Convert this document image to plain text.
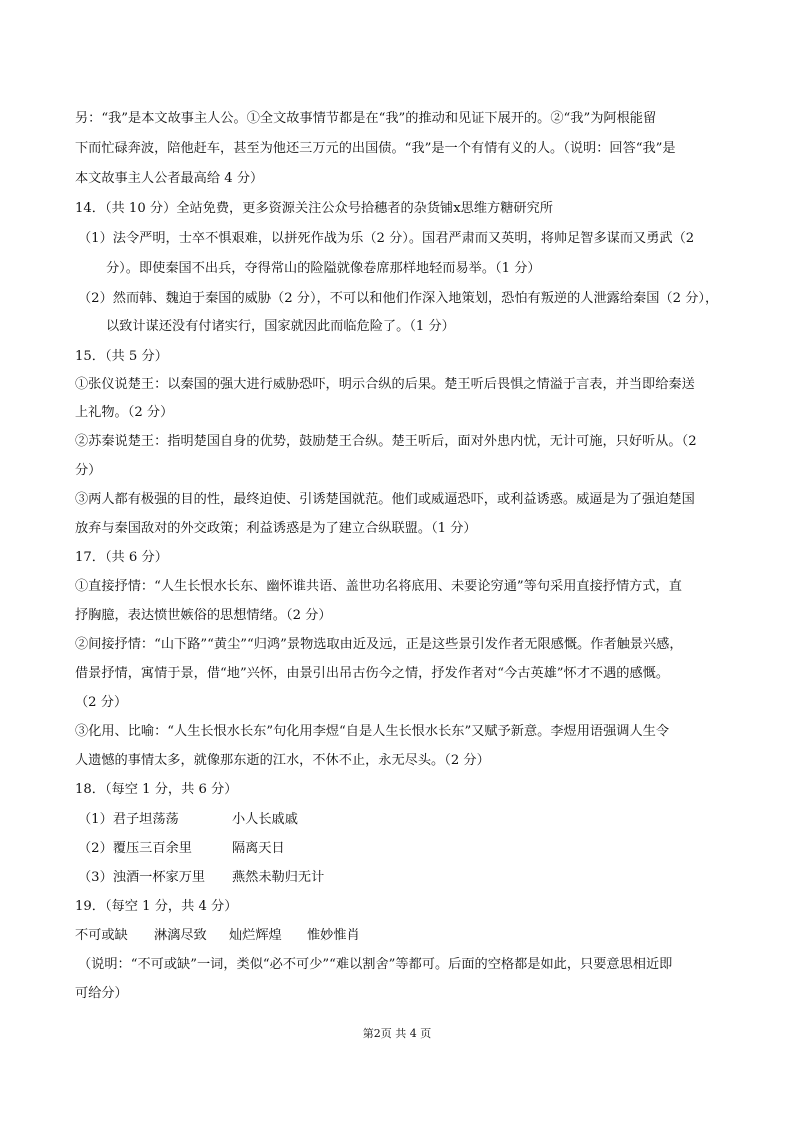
另：“我”是本文故事主人公。①全文故事情节都是在“我”的推动和见证下展开的。②“我”为阿根能留
下而忙碌奔波，陪他赶车，甚至为他还三万元的出国债。“我”是一个有情有义的人。（说明：回答“我”是
本文故事主人公者最高给 4 分）
14．（共 10 分）全站免费，更多资源关注公众号拾穗者的杂货铺x思维方糖研究所
（1）法令严明，士卒不惧艰难，以拼死作战为乐（2 分）。国君严肃而又英明，将帅足智多谋而又勇武（2
分）。即使秦国不出兵，夺得常山的险隘就像卷席那样地轻而易举。（1 分）
（2）然而韩、魏迫于秦国的威胁（2 分），不可以和他们作深入地策划，恐怕有叛逆的人泄露给秦国（2 分），
以致计谋还没有付诸实行，国家就因此而临危险了。（1 分）
15．（共 5 分）
①张仪说楚王：以秦国的强大进行威胁恐吓，明示合纵的后果。楚王听后畏惧之情溢于言表，并当即给秦送
上礼物。（2 分）
②苏秦说楚王：指明楚国自身的优势，鼓励楚王合纵。楚王听后，面对外患内忧，无计可施，只好听从。（2
分）
③两人都有极强的目的性，最终迫使、引诱楚国就范。他们或威逼恐吓，或利益诱惑。威逼是为了强迫楚国
放弃与秦国敌对的外交政策；利益诱惑是为了建立合纵联盟。（1 分）
17．（共 6 分）
①直接抒情：“人生长恨水长东、幽怀谁共语、盖世功名将底用、未要论穷通”等句采用直接抒情方式，直
抒胸臆，表达愤世嫉俗的思想情绪。（2 分）
②间接抒情：“山下路”“黄尘”“归鸿”景物选取由近及远，正是这些景引发作者无限感慨。作者触景兴感，
借景抒情，寓情于景，借“地”兴怀，由景引出吊古伤今之情，抒发作者对“今古英雄”怀才不遇的感慨。
（2 分）
③化用、比喻：“人生长恨水长东”句化用李煜“自是人生长恨水长东”又赋予新意。李煜用语强调人生令
人遗憾的事情太多，就像那东逝的江水，不休不止，永无尽头。（2 分）
18．（每空 1 分，共 6 分）
（1）君子坦荡荡	小人长戚戚
（2）覆压三百余里	隔离天日
（3）浊酒一杯家万里 燕然未勒归无计
19．（每空 1 分，共 4 分）
不可或缺 淋漓尽致 灿烂辉煌 惟妙惟肖
（说明：“不可或缺”一词，类似“必不可少”“难以割舍”等都可。后面的空格都是如此，只要意思相近即
可给分）
第2页 共 4 页
